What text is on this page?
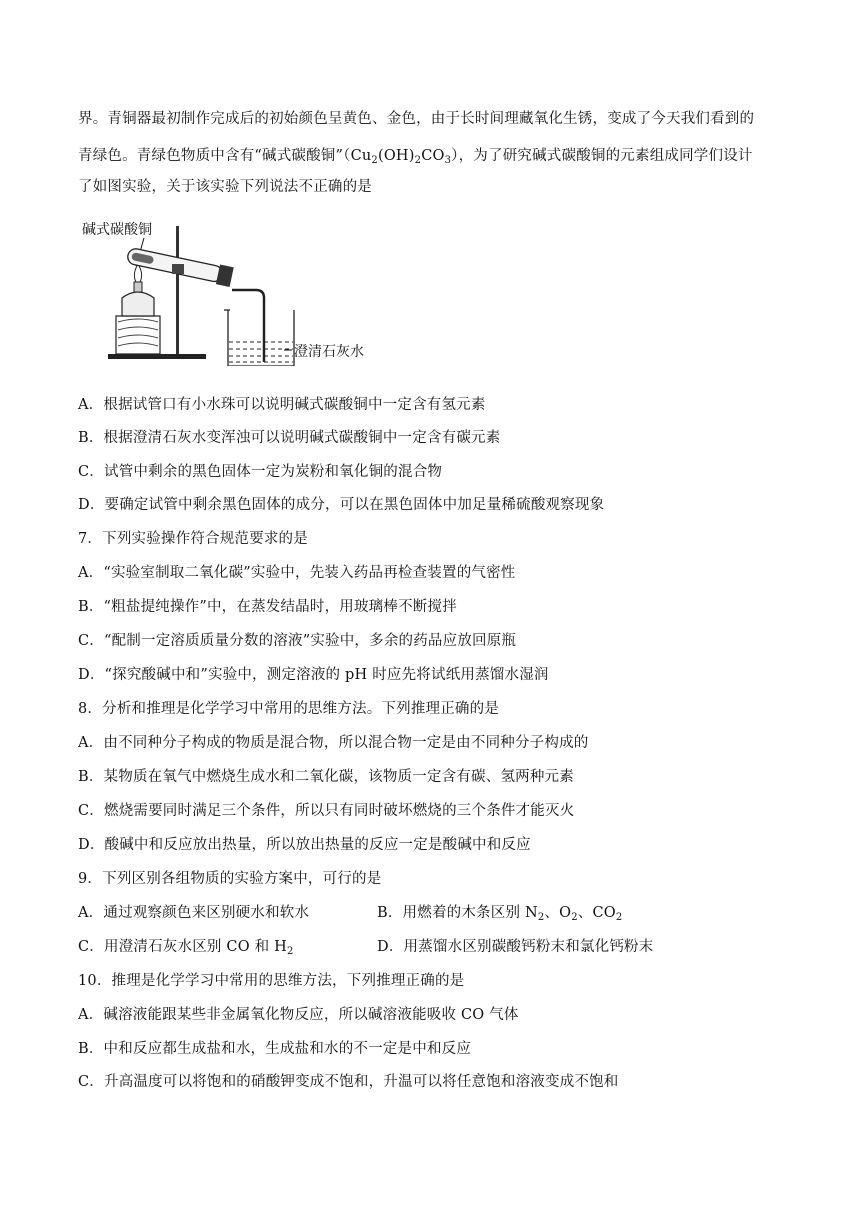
界。青铜器最初制作完成后的初始颜色呈黄色、金色，由于长时间理藏氧化生锈，变成了今天我们看到的
青绿色。青绿色物质中含有“碱式碳酸铜$”(Cu_2(OH)_2CO_3)$，为了研究碱式碳酸铜的元素组成同学们设计
了如图实验，关于该实验下列说法不正确的是
碱式碳酸铜
澄清石灰水
A．根据试管口有小水珠可以说明碱式碳酸铜中一定含有氢元素
B．根据澄清石灰水变浑浊可以说明碱式碳酸铜中一定含有碳元素
C．试管中剩余的黑色固体一定为炭粉和氧化铜的混合物
D．要确定试管中剩余黑色固体的成分，可以在黑色固体中加足量稀硫酸观察现象
7．下列实验操作符合规范要求的是
A．“实验室制取二氧化碳”实验中，先装入药品再检查装置的气密性
B．“粗盐提纯操作”中，在蒸发结晶时，用玻璃棒不断搅拌
C．“配制一定溶质质量分数的溶液”实验中，多余的药品应放回原瓶
D．“探究酸碱中和”实验中，测定溶液的 pH 时应先将试纸用蒸馏水湿润
8．分析和推理是化学学习中常用的思维方法。下列推理正确的是
A．由不同种分子构成的物质是混合物，所以混合物一定是由不同种分子构成的
B．某物质在氧气中燃烧生成水和二氧化碳，该物质一定含有碳、氢两种元素
C．燃烧需要同时满足三个条件，所以只有同时破坏燃烧的三个条件才能灭火
D．酸碱中和反应放出热量，所以放出热量的反应一定是酸碱中和反应
9．下列区别各组物质的实验方案中，可行的是
A．通过观察颜色来区别硬水和软水	B．用燃着的木条区别 $N_2$、$O_2$、$CO_2$
C．用澄清石灰水区别 CO 和 $H_2$	D．用蒸馏水区别碳酸钙粉末和氯化钙粉末
10．推理是化学学习中常用的思维方法，下列推理正确的是
A．碱溶液能跟某些非金属氧化物反应，所以碱溶液能吸收 CO 气体
B．中和反应都生成盐和水，生成盐和水的不一定是中和反应
C．升高温度可以将饱和的硝酸钾变成不饱和，升温可以将任意饱和溶液变成不饱和
